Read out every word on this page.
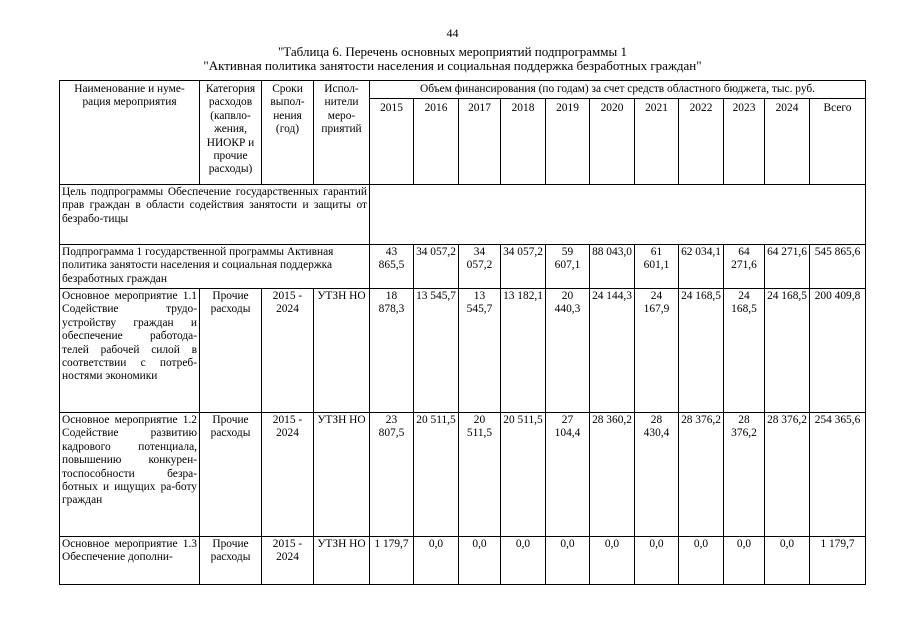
44
"Таблица 6. Перечень основных мероприятий подпрограммы 1
"Активная политика занятости населения и социальная поддержка безработных граждан"
Наименование и нуме-рация мероприятия	Категория расходов (капвло-жения, НИОКР и прочие расходы)	Сроки выпол-нения (год)	Испол-нители меро-приятий	Объем финансирования (по годам) за счет средств областного бюджета, тыс. руб.										
				2015	2016	2017	2018	2019	2020	2021	2022	2023	2024	Всего
Цель подпрограммы Обеспечение государственных гарантий прав граждан в области содействия занятости и защиты от безрабо-тицы														
Подпрограмма 1 государственной программы Активная политика занятости населения и социальная поддержка безработных граждан				43 865,5	34 057,2	34 057,2	34 057,2	59 607,1	88 043,0	61 601,1	62 034,1	64 271,6	64 271,6	545 865,6
Основное мероприятие 1.1 Содействие трудо-устройству граждан и обеспечение работода-телей рабочей силой в соответствии с потреб-ностями экономики	Прочие расходы	2015 - 2024	УТЗН НО	18 878,3	13 545,7	13 545,7	13 182,1	20 440,3	24 144,3	24 167,9	24 168,5	24 168,5	24 168,5	200 409,8
Основное мероприятие 1.2 Содействие развитию кадрового потенциала, повышению конкурен-тоспособности безра-ботных и ищущих ра-боту граждан	Прочие расходы	2015 - 2024	УТЗН НО	23 807,5	20 511,5	20 511,5	20 511,5	27 104,4	28 360,2	28 430,4	28 376,2	28 376,2	28 376,2	254 365,6
Основное мероприятие 1.3 Обеспечение дополни-	Прочие расходы	2015 - 2024	УТЗН НО	1 179,7	0,0	0,0	0,0	0,0	0,0	0,0	0,0	0,0	0,0	1 179,7
